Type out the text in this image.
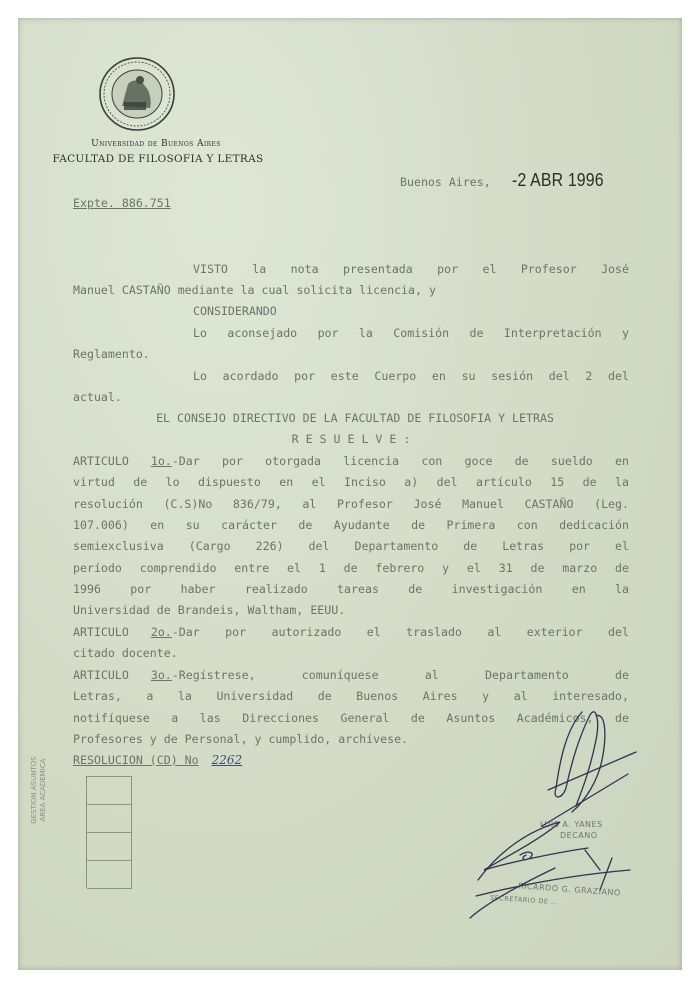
Universidad de Buenos Aires
FACULTAD DE FILOSOFIA Y LETRAS
Buenos Aires, -2 ABR 1996
Expte. 886.751
VISTO la nota presentada por el Profesor José
Manuel CASTAÑO mediante la cual solicita licencia, y
CONSIDERANDO
Lo aconsejado por la Comisión de Interpretación y
Reglamento.
Lo acordado por este Cuerpo en su sesión del 2 del
actual.
EL CONSEJO DIRECTIVO DE LA FACULTAD DE FILOSOFIA Y LETRAS
R E S U E L V E :
ARTICULO 1o. -Dar por otorgada licencia con goce de sueldo en
virtud de lo dispuesto en el Inciso a) del artículo 15 de la
resolución (C.S)No 836/79, al Profesor José Manuel CASTAÑO (Leg.
107.006) en su carácter de Ayudante de Primera con dedicación
semiexclusiva (Cargo 226) del Departamento de Letras por el
período comprendido entre el 1 de febrero y el 31 de marzo de
1996 por haber realizado tareas de investigación en la
Universidad de Brandeis, Waltham, EEUU.
ARTICULO 2o. -Dar por autorizado el traslado al exterior del
citado docente.
ARTICULO 3o. -Regístrese, comuníquese al Departamento de
Letras, a la Universidad de Buenos Aires y al interesado,
notifíquese a las Direcciones General de Asuntos Académicos, de
Profesores y de Personal, y cumplido, archívese.
RESOLUCION (CD) No 2262
GESTION ASUNTOS AREA ACADEMICA
LUIS A. YANES
DECANO
RICARDO G. GRAZIANO
SECRETARIO DE ...
